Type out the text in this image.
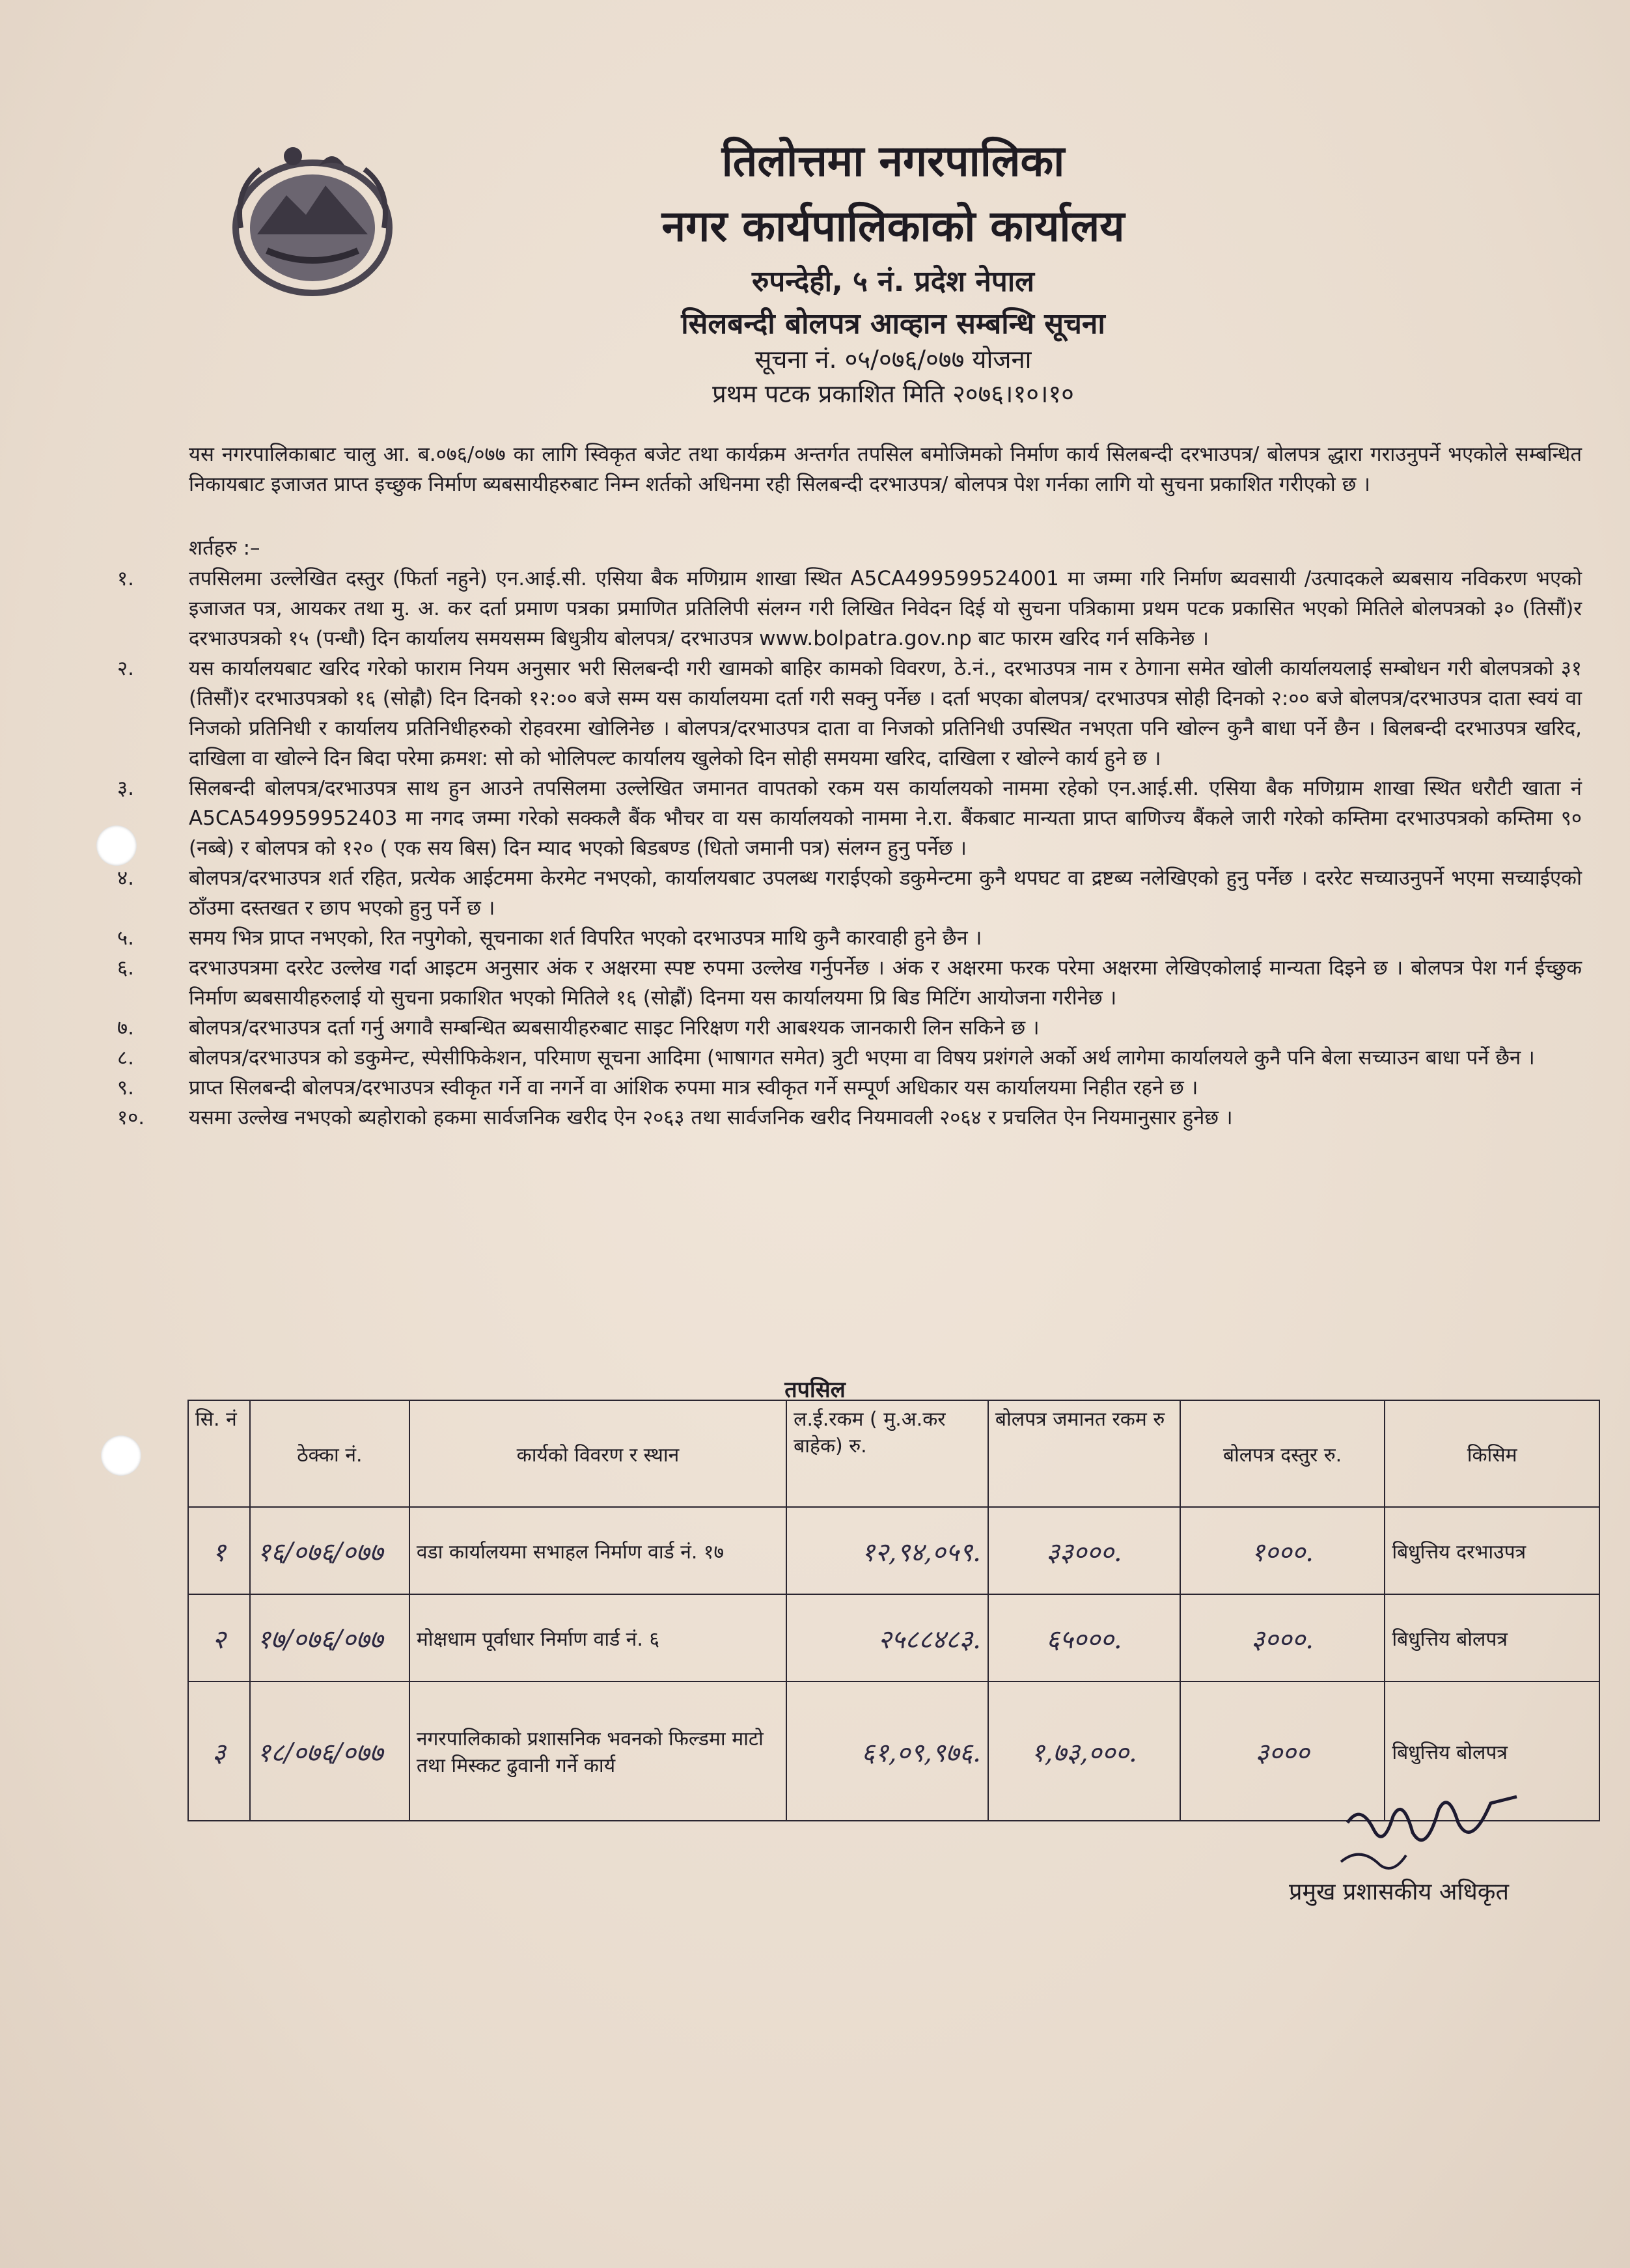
तिलोत्तमा नगरपालिका
नगर कार्यपालिकाको कार्यालय
रुपन्देही, ५ नं. प्रदेश नेपाल
सिलबन्दी बोलपत्र आव्हान सम्बन्धि सूचना
सूचना नं. ०५/०७६/०७७ योजना
प्रथम पटक प्रकाशित मिति २०७६।१०।१०
यस नगरपालिकाबाट चालु आ. ब.०७६/०७७ का लागि स्विकृत बजेट तथा कार्यक्रम अन्तर्गत तपसिल बमोजिमको निर्माण कार्य सिलबन्दी दरभाउपत्र/ बोलपत्र द्धारा गराउनुपर्ने भएकोले सम्बन्धित निकायबाट इजाजत प्राप्त इच्छुक निर्माण ब्यबसायीहरुबाट निम्न शर्तको अधिनमा रही सिलबन्दी दरभाउपत्र/ बोलपत्र पेश गर्नका लागि यो सुचना प्रकाशित गरीएको छ ।
शर्तहरु :–
१.	तपसिलमा उल्लेखित दस्तुर (फिर्ता नहुने) एन.आई.सी. एसिया बैक मणिग्राम शाखा स्थित A5CA499599524001 मा जम्मा गरि निर्माण ब्यवसायी /उत्पादकले ब्यबसाय नविकरण भएको इजाजत पत्र, आयकर तथा मु. अ. कर दर्ता प्रमाण पत्रका प्रमाणित प्रतिलिपी संलग्न गरी लिखित निवेदन दिई यो सुचना पत्रिकामा प्रथम पटक प्रकासित भएको मितिले बोलपत्रको ३० (तिसौं)र दरभाउपत्रको १५ (पन्धौ) दिन कार्यालय समयसम्म बिधुत्रीय बोलपत्र/ दरभाउपत्र www.bolpatra.gov.np बाट फारम खरिद गर्न सकिनेछ ।
२.	यस कार्यालयबाट खरिद गरेको फाराम नियम अनुसार भरी सिलबन्दी गरी खामको बाहिर कामको विवरण, ठे.नं., दरभाउपत्र नाम र ठेगाना समेत खोली कार्यालयलाई सम्बोधन गरी बोलपत्रको ३१ (तिसौं)र दरभाउपत्रको १६ (सोह्रौ) दिन दिनको १२:०० बजे सम्म यस कार्यालयमा दर्ता गरी सक्नु पर्नेछ । दर्ता भएका बोलपत्र/ दरभाउपत्र सोही दिनको २:०० बजे बोलपत्र/दरभाउपत्र दाता स्वयं वा निजको प्रतिनिधी र कार्यालय प्रतिनिधीहरुको रोहवरमा खोलिनेछ । बोलपत्र/दरभाउपत्र दाता वा निजको प्रतिनिधी उपस्थित नभएता पनि खोल्न कुनै बाधा पर्ने छैन । बिलबन्दी दरभाउपत्र खरिद, दाखिला वा खोल्ने दिन बिदा परेमा क्रमश: सो को भोलिपल्ट कार्यालय खुलेको दिन सोही समयमा खरिद, दाखिला र खोल्ने कार्य हुने छ ।
३.	सिलबन्दी बोलपत्र/दरभाउपत्र साथ हुन आउने तपसिलमा उल्लेखित जमानत वापतको रकम यस कार्यालयको नाममा रहेको एन.आई.सी. एसिया बैक मणिग्राम शाखा स्थित धरौटी खाता नं A5CA549959952403 मा नगद जम्मा गरेको सक्कलै बैंक भौचर वा यस कार्यालयको नाममा ने.रा. बैंकबाट मान्यता प्राप्त बाणिज्य बैंकले जारी गरेको कम्तिमा दरभाउपत्रको कम्तिमा ९० (नब्बे) र बोलपत्र को १२० ( एक सय बिस) दिन म्याद भएको बिडबण्ड (धितो जमानी पत्र) संलग्न हुनु पर्नेछ ।
४.	बोलपत्र/दरभाउपत्र शर्त रहित, प्रत्येक आईटममा केरमेट नभएको, कार्यालयबाट उपलब्ध गराईएको डकुमेन्टमा कुनै थपघट वा द्रष्टब्य नलेखिएको हुनु पर्नेछ । दररेट सच्याउनुपर्ने भएमा सच्याईएको ठाँउमा दस्तखत र छाप भएको हुनु पर्ने छ ।
५.	समय भित्र प्राप्त नभएको, रित नपुगेको, सूचनाका शर्त विपरित भएको दरभाउपत्र माथि कुनै कारवाही हुने छैन ।
६.	दरभाउपत्रमा दररेट उल्लेख गर्दा आइटम अनुसार अंक र अक्षरमा स्पष्ट रुपमा उल्लेख गर्नुपर्नेछ । अंक र अक्षरमा फरक परेमा अक्षरमा लेखिएकोलाई मान्यता दिइने छ । बोलपत्र पेश गर्न ईच्छुक निर्माण ब्यबसायीहरुलाई यो सुचना प्रकाशित भएको मितिले १६ (सोह्रौं) दिनमा यस कार्यालयमा प्रि बिड मिटिंग आयोजना गरीनेछ ।
७.	बोलपत्र/दरभाउपत्र दर्ता गर्नु अगावै सम्बन्धित ब्यबसायीहरुबाट साइट निरिक्षण गरी आबश्यक जानकारी लिन सकिने छ ।
८.	बोलपत्र/दरभाउपत्र को डकुमेन्ट, स्पेसीफिकेशन, परिमाण सूचना आदिमा (भाषागत समेत) त्रुटी भएमा वा विषय प्रशंगले अर्को अर्थ लागेमा कार्यालयले कुनै पनि बेला सच्याउन बाधा पर्ने छैन ।
९.	प्राप्त सिलबन्दी बोलपत्र/दरभाउपत्र स्वीकृत गर्ने वा नगर्ने वा आंशिक रुपमा मात्र स्वीकृत गर्ने सम्पूर्ण अधिकार यस कार्यालयमा निहीत रहने छ ।
१०.	यसमा उल्लेख नभएको ब्यहोराको हकमा सार्वजनिक खरीद ऐन २०६३ तथा सार्वजनिक खरीद नियमावली २०६४ र प्रचलित ऐन नियमानुसार हुनेछ ।
तपसिल
सि. नं	ठेक्का नं.	कार्यको विवरण र स्थान	ल.ई.रकम ( मु.अ.कर बाहेक) रु.	बोलपत्र जमानत रकम रु	बोलपत्र दस्तुर रु.	किसिम
१	१६/०७६/०७७	वडा कार्यालयमा सभाहल निर्माण वार्ड नं. १७	१२,९४,०५९.	३३०००.	१०००.	बिधुत्तिय दरभाउपत्र
२	१७/०७६/०७७	मोक्षधाम पूर्वाधार निर्माण वार्ड नं. ६	२५८८४८३.	६५०००.	३०००.	बिधुत्तिय बोलपत्र
३	१८/०७६/०७७	नगरपालिकाको प्रशासनिक भवनको फिल्डमा माटो तथा मिस्कट ढुवानी गर्ने कार्य	६१,०९,९७६.	१,७३,०००.	३०००	बिधुत्तिय बोलपत्र
प्रमुख प्रशासकीय अधिकृत
